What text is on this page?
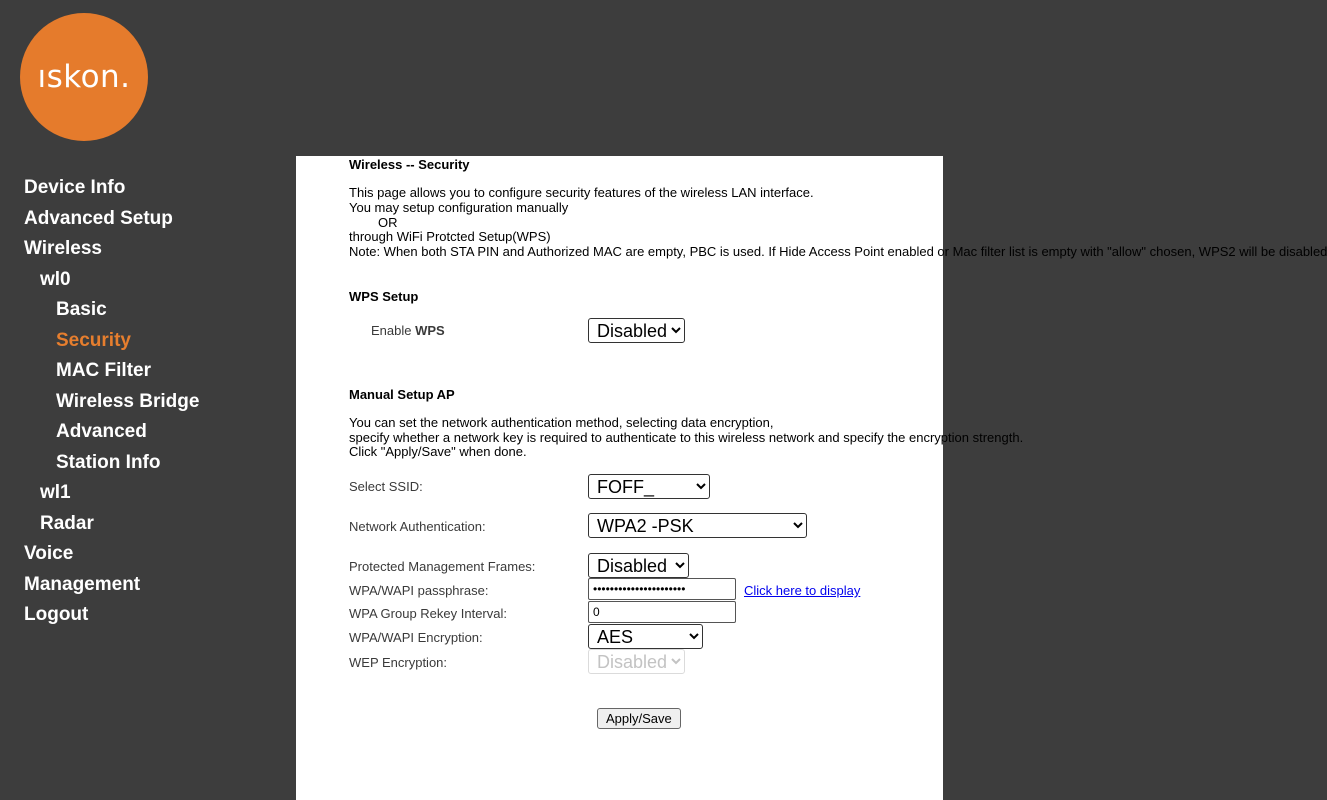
ıskon.
Device Info
Advanced Setup
Wireless
wl0
Basic
Security
MAC Filter
Wireless Bridge
Advanced
Station Info
wl1
Radar
Voice
Management
Logout
Wireless -- Security
This page allows you to configure security features of the wireless LAN interface.
You may setup configuration manually
OR
through WiFi Protcted Setup(WPS)
Note: When both STA PIN and Authorized MAC are empty, PBC is used. If Hide Access Point enabled or Mac filter list is empty with "allow" chosen, WPS2 will be disabled
WPS Setup
Enable WPS
Disabled
Manual Setup AP
You can set the network authentication method, selecting data encryption,
specify whether a network key is required to authenticate to this wireless network and specify the encryption strength.
Click "Apply/Save" when done.
Select SSID:
FOFF_
Network Authentication:
WPA2 -PSK
Protected Management Frames:
Disabled
WPA/WAPI passphrase:
••••••••••••••••••••••	Click here to display
WPA Group Rekey Interval:
0
WPA/WAPI Encryption:
AES
WEP Encryption:
Disabled
Apply/Save
